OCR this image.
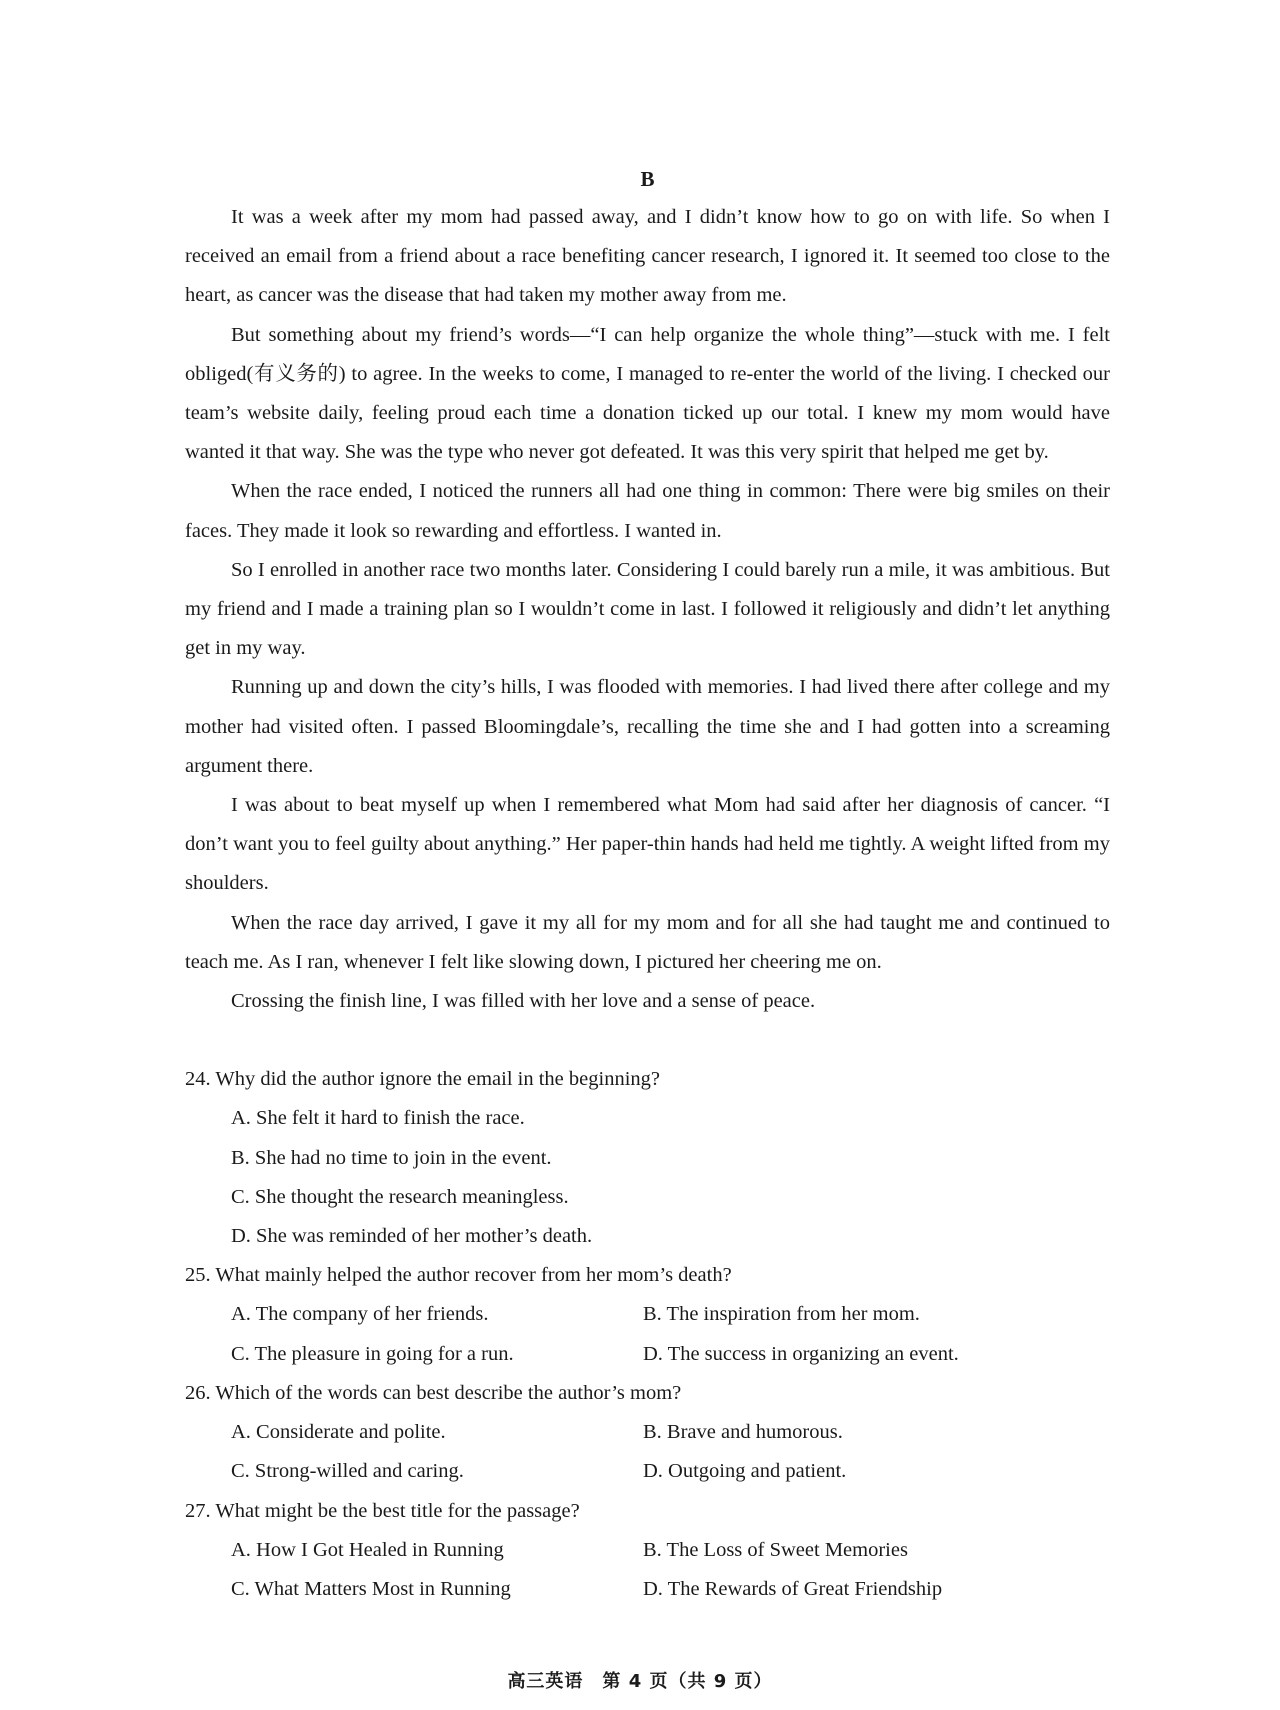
B

It was a week after my mom had passed away, and I didn’t know how to go on with life. So when I received an email from a friend about a race benefiting cancer research, I ignored it. It seemed too close to the heart, as cancer was the disease that had taken my mother away from me.

But something about my friend’s words—“I can help organize the whole thing”—stuck with me. I felt obliged(有义务的) to agree. In the weeks to come, I managed to re-enter the world of the living. I checked our team’s website daily, feeling proud each time a donation ticked up our total. I knew my mom would have wanted it that way. She was the type who never got defeated. It was this very spirit that helped me get by.

When the race ended, I noticed the runners all had one thing in common: There were big smiles on their faces. They made it look so rewarding and effortless. I wanted in.

So I enrolled in another race two months later. Considering I could barely run a mile, it was ambitious. But my friend and I made a training plan so I wouldn’t come in last. I followed it religiously and didn’t let anything get in my way.

Running up and down the city’s hills, I was flooded with memories. I had lived there after college and my mother had visited often. I passed Bloomingdale’s, recalling the time she and I had gotten into a screaming argument there.

I was about to beat myself up when I remembered what Mom had said after her diagnosis of cancer. “I don’t want you to feel guilty about anything.” Her paper-thin hands had held me tightly. A weight lifted from my shoulders.

When the race day arrived, I gave it my all for my mom and for all she had taught me and continued to teach me. As I ran, whenever I felt like slowing down, I pictured her cheering me on.

Crossing the finish line, I was filled with her love and a sense of peace.

24. Why did the author ignore the email in the beginning?

A. She felt it hard to finish the race.
B. She had no time to join in the event.
C. She thought the research meaningless.
D. She was reminded of her mother’s death.

25. What mainly helped the author recover from her mom’s death?

A. The company of her friends.	B. The inspiration from her mom.
C. The pleasure in going for a run.	D. The success in organizing an event.

26. Which of the words can best describe the author’s mom?

A. Considerate and polite.	B. Brave and humorous.
C. Strong-willed and caring.	D. Outgoing and patient.

27. What might be the best title for the passage?

A. How I Got Healed in Running	B. The Loss of Sweet Memories
C. What Matters Most in Running	D. The Rewards of Great Friendship
高三英语　第 4 页（共 9 页）
